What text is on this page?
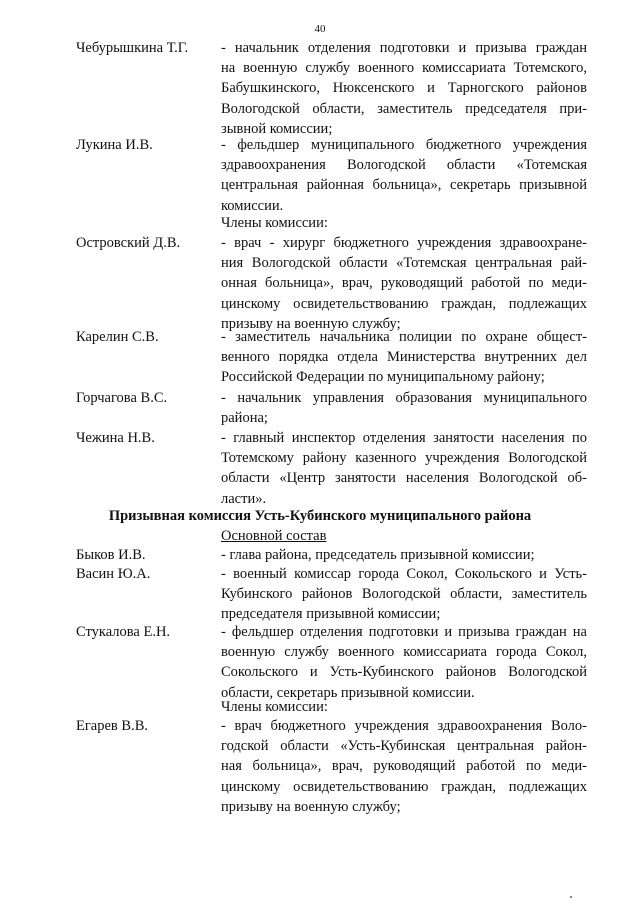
40
Чебурышкина Т.Г. - начальник отделения подготовки и призыва граждан
на военную службу военного комиссариата Тотемского,
Бабушкинского, Нюксенского и Тарногского районов
Вологодской области, заместитель председателя при-
зывной комиссии;
Лукина И.В.	- фельдшер муниципального бюджетного учреждения
здравоохранения Вологодской области «Тотемская
центральная районная больница», секретарь призывной
комиссии.
Члены комиссии:
Островский Д.В.	- врач - хирург бюджетного учреждения здравоохране-
ния Вологодской области «Тотемская центральная рай-
онная больница», врач, руководящий работой по меди-
цинскому освидетельствованию граждан, подлежащих
призыву на военную службу;
Карелин С.В.	- заместитель начальника полиции по охране общест-
венного порядка отдела Министерства внутренних дел
Российской Федерации по муниципальному району;
Горчагова В.С.	- начальник управления образования муниципального
района;
Чежина Н.В.	- главный инспектор отделения занятости населения по
Тотемскому району казенного учреждения Вологодской
области «Центр занятости населения Вологодской об-
ласти».
Призывная комиссия Усть-Кубинского муниципального района
Основной состав
Быков И.В.	- глава района, председатель призывной комиссии;
Васин Ю.А.	- военный комиссар города Сокол, Сокольского и Усть-
Кубинского районов Вологодской области, заместитель
председателя призывной комиссии;
Стукалова Е.Н.	- фельдшер отделения подготовки и призыва граждан на
военную службу военного комиссариата города Сокол,
Сокольского и Усть-Кубинского районов Вологодской
области, секретарь призывной комиссии.
Члены комиссии:
Егарев В.В.	- врач бюджетного учреждения здравоохранения Воло-
годской области «Усть-Кубинская центральная район-
ная больница», врач, руководящий работой по меди-
цинскому освидетельствованию граждан, подлежащих
призыву на военную службу;
